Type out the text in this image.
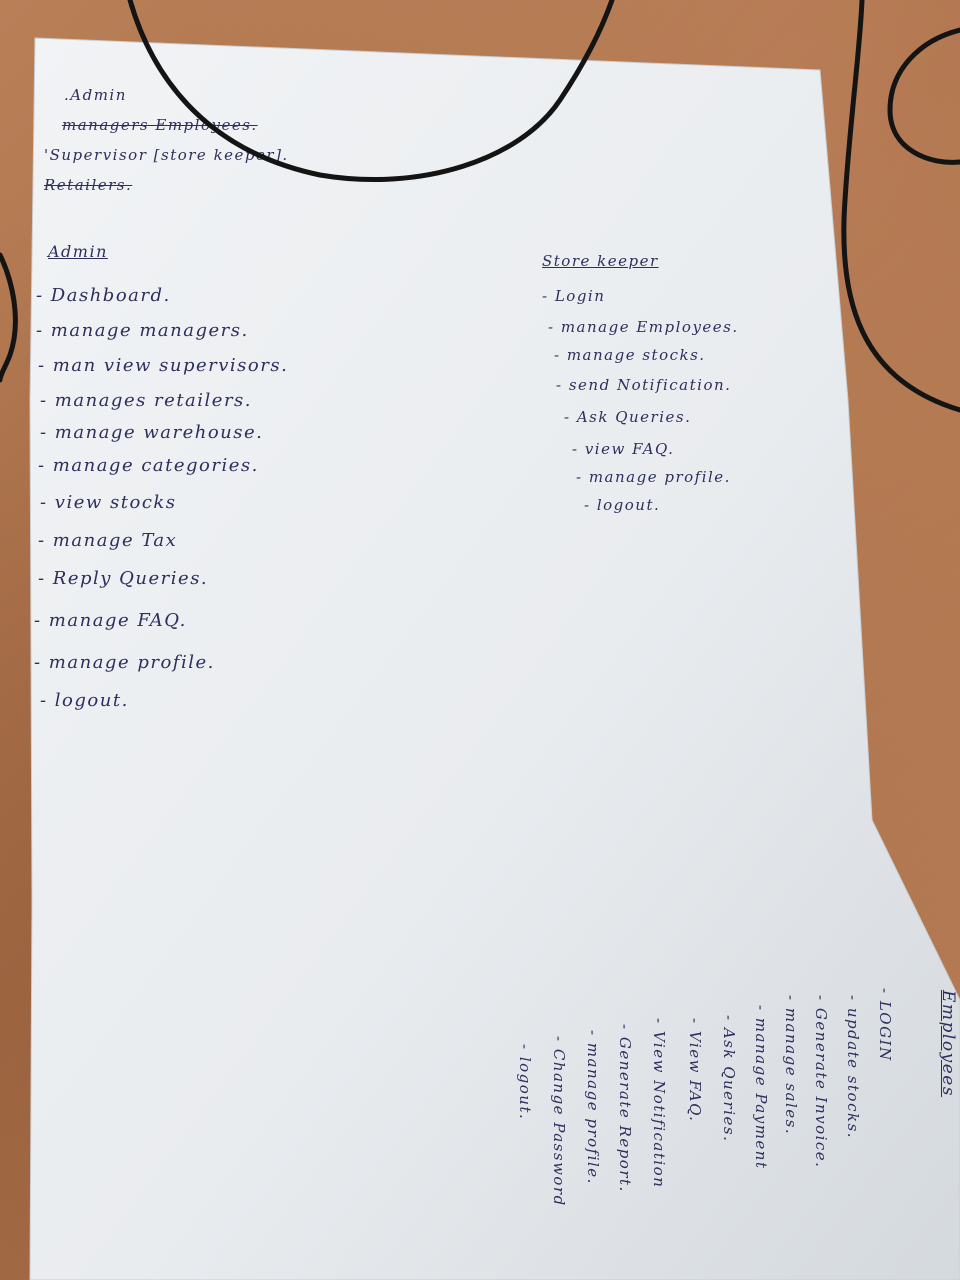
.Admin
managers Employees.
'Supervisor [store keeper].
Retailers.
Admin
- Dashboard.
- manage managers.
- man view supervisors.
- manages retailers.
- manage warehouse.
- manage categories.
- view stocks
- manage Tax
- Reply Queries.
- manage FAQ.
- manage profile.
- logout.
Store keeper
- Login
- manage Employees.
- manage stocks.
- send Notification.
- Ask Queries.
- view FAQ.
- manage profile.
- logout.
Employees
- LOGIN
- update stocks.
- Generate Invoice.
- manage sales.
- manage Payment
- Ask Queries.
- View FAQ.
- View Notification
- Generate Report.
- manage profile.
- Change Password
- logout.
